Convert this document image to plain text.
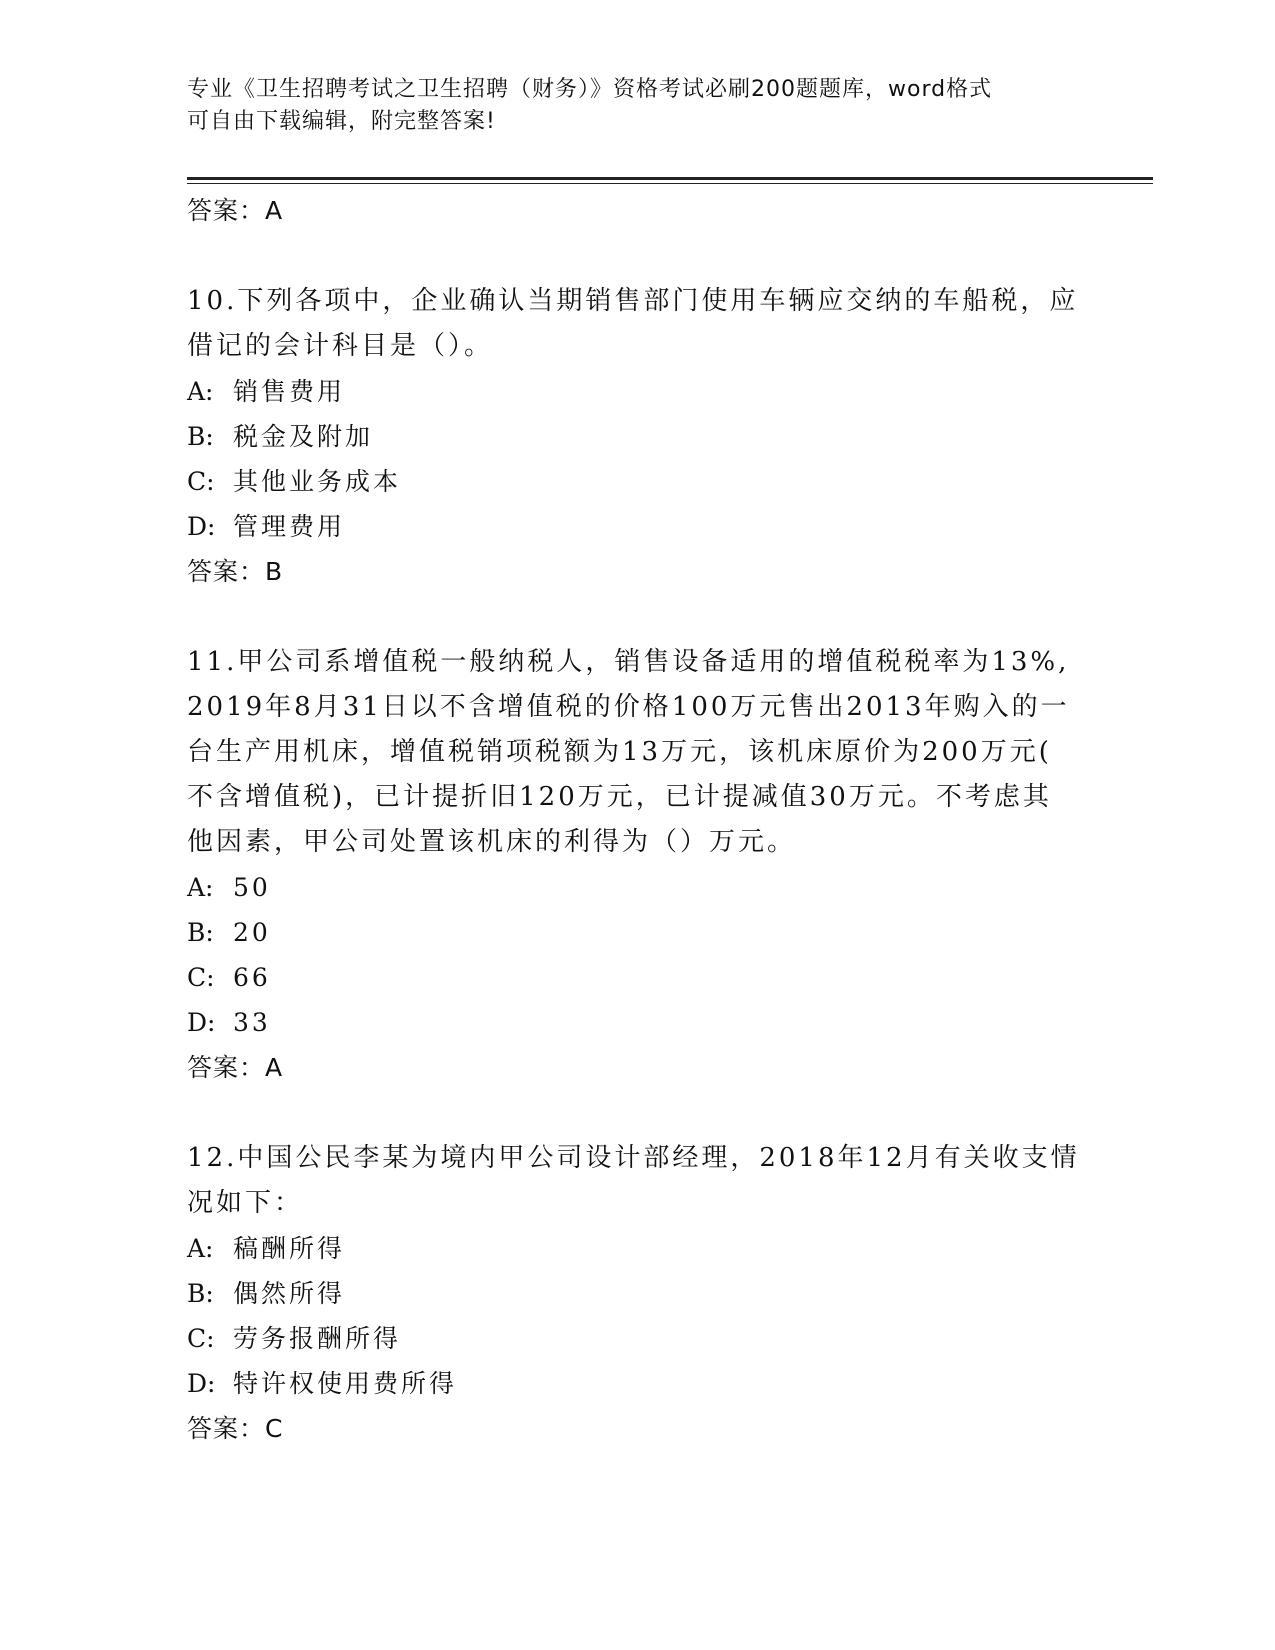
专业《卫生招聘考试之卫生招聘（财务）》资格考试必刷200题题库，word格式
可自由下载编辑，附完整答案!

答案：A

10.下列各项中，企业确认当期销售部门使用车辆应交纳的车船税，应

借记的会计科目是（）。

A: 销售费用

B: 税金及附加

C: 其他业务成本

D: 管理费用

答案：B

11.甲公司系增值税一般纳税人，销售设备适用的增值税税率为13%,

2019年8月31日以不含增值税的价格100万元售出2013年购入的一

台生产用机床，增值税销项税额为13万元，该机床原价为200万元(

不含增值税)，已计提折旧120万元，已计提减值30万元。不考虑其

他因素，甲公司处置该机床的利得为（）万元。

A: 50

B: 20

C: 66

D: 33

答案：A

12.中国公民李某为境内甲公司设计部经理，2018年12月有关收支情

况如下：

A: 稿酬所得

B: 偶然所得

C: 劳务报酬所得

D: 特许权使用费所得

答案：C
